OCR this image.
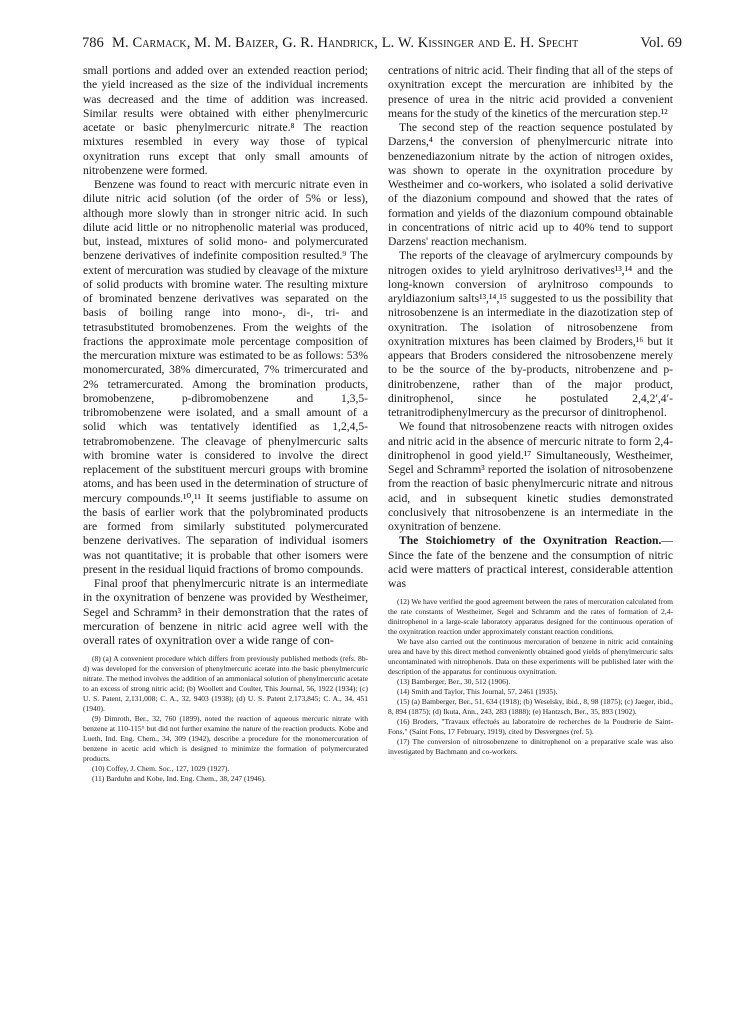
786 M. Carmack, M. M. Baizer, G. R. Handrick, L. W. Kissinger and E. H. Specht	Vol. 69

small portions and added over an extended reaction period; the yield increased as the size of the individual increments was decreased and the time of addition was increased. Similar results were obtained with either phenylmercuric acetate or basic phenylmercuric nitrate.⁸ The reaction mixtures resembled in every way those of typical oxynitration runs except that only small amounts of nitrobenzene were formed.

Benzene was found to react with mercuric nitrate even in dilute nitric acid solution (of the order of 5% or less), although more slowly than in stronger nitric acid. In such dilute acid little or no nitrophenolic material was produced, but, instead, mixtures of solid mono- and polymercurated benzene derivatives of indefinite composition resulted.⁹ The extent of mercuration was studied by cleavage of the mixture of solid products with bromine water. The resulting mixture of brominated benzene derivatives was separated on the basis of boiling range into mono-, di-, tri- and tetrasubstituted bromobenzenes. From the weights of the fractions the approximate mole percentage composition of the mercuration mixture was estimated to be as follows: 53% monomercurated, 38% dimercurated, 7% trimercurated and 2% tetramercurated. Among the bromination products, bromobenzene, p-dibromobenzene and 1,3,5-tribromobenzene were isolated, and a small amount of a solid which was tentatively identified as 1,2,4,5-tetrabromobenzene. The cleavage of phenylmercuric salts with bromine water is considered to involve the direct replacement of the substituent mercuri groups with bromine atoms, and has been used in the determination of structure of mercury compounds.¹⁰,¹¹ It seems justifiable to assume on the basis of earlier work that the polybrominated products are formed from similarly substituted polymercurated benzene derivatives. The separation of individual isomers was not quantitative; it is probable that other isomers were present in the residual liquid fractions of bromo compounds.

Final proof that phenylmercuric nitrate is an intermediate in the oxynitration of benzene was provided by Westheimer, Segel and Schramm³ in their demonstration that the rates of mercuration of benzene in nitric acid agree well with the overall rates of oxynitration over a wide range of con-

(8) (a) A convenient procedure which differs from previously published methods (refs. 8b-d) was developed for the conversion of phenylmercuric acetate into the basic phenylmercuric nitrate. The method involves the addition of an ammoniacal solution of phenylmercuric acetate to an excess of strong nitric acid; (b) Woollett and Coulter, This Journal, 56, 1922 (1934); (c) U. S. Patent, 2,131,008; C. A., 32, 9403 (1938); (d) U. S. Patent 2,173,845; C. A., 34, 451 (1940).

(9) Dimroth, Ber., 32, 760 (1899), noted the reaction of aqueous mercuric nitrate with benzene at 110-115° but did not further examine the nature of the reaction products. Kobe and Lueth, Ind. Eng. Chem., 34, 309 (1942), describe a procedure for the monomercuration of benzene in acetic acid which is designed to minimize the formation of polymercurated products.

(10) Coffey, J. Chem. Soc., 127, 1029 (1927).

(11) Barduhn and Kobe, Ind. Eng. Chem., 38, 247 (1946).

centrations of nitric acid. Their finding that all of the steps of oxynitration except the mercuration are inhibited by the presence of urea in the nitric acid provided a convenient means for the study of the kinetics of the mercuration step.¹²

The second step of the reaction sequence postulated by Darzens,⁴ the conversion of phenylmercuric nitrate into benzenediazonium nitrate by the action of nitrogen oxides, was shown to operate in the oxynitration procedure by Westheimer and co-workers, who isolated a solid derivative of the diazonium compound and showed that the rates of formation and yields of the diazonium compound obtainable in concentrations of nitric acid up to 40% tend to support Darzens' reaction mechanism.

The reports of the cleavage of arylmercury compounds by nitrogen oxides to yield arylnitroso derivatives¹³,¹⁴ and the long-known conversion of arylnitroso compounds to aryldiazonium salts¹³,¹⁴,¹⁵ suggested to us the possibility that nitrosobenzene is an intermediate in the diazotization step of oxynitration. The isolation of nitrosobenzene from oxynitration mixtures has been claimed by Broders,¹⁶ but it appears that Broders considered the nitrosobenzene merely to be the source of the by-products, nitrobenzene and p-dinitrobenzene, rather than of the major product, dinitrophenol, since he postulated 2,4,2′,4′-tetranitrodiphenylmercury as the precursor of dinitrophenol.

We found that nitrosobenzene reacts with nitrogen oxides and nitric acid in the absence of mercuric nitrate to form 2,4-dinitrophenol in good yield.¹⁷ Simultaneously, Westheimer, Segel and Schramm³ reported the isolation of nitrosobenzene from the reaction of basic phenylmercuric nitrate and nitrous acid, and in subsequent kinetic studies demonstrated conclusively that nitrosobenzene is an intermediate in the oxynitration of benzene.

The Stoichiometry of the Oxynitration Reaction.—Since the fate of the benzene and the consumption of nitric acid were matters of practical interest, considerable attention was

(12) We have verified the good agreement between the rates of mercuration calculated from the rate constants of Westheimer, Segel and Schramm and the rates of formation of 2,4-dinitrophenol in a large-scale laboratory apparatus designed for the continuous operation of the oxynitration reaction under approximately constant reaction conditions.

We have also carried out the continuous mercuration of benzene in nitric acid containing urea and have by this direct method conveniently obtained good yields of phenylmercuric salts uncontaminated with nitrophenols. Data on these experiments will be published later with the description of the apparatus for continuous oxynitration.

(13) Bamberger, Ber., 30, 512 (1906).

(14) Smith and Taylor, This Journal, 57, 2461 (1935).

(15) (a) Bamberger, Ber., 51, 634 (1918); (b) Weselsky, ibid., 8, 98 (1875); (c) Jaeger, ibid., 8, 894 (1875); (d) Ikuta, Ann., 243, 283 (1888); (e) Hantzsch, Ber., 35, 893 (1902).

(16) Broders, "Travaux effectués au laboratoire de recherches de la Poudrerie de Saint-Fons," (Saint Fons, 17 February, 1919), cited by Desvergnes (ref. 5).

(17) The conversion of nitrosobenzene to dinitrophenol on a preparative scale was also investigated by Bachmann and co-workers.
